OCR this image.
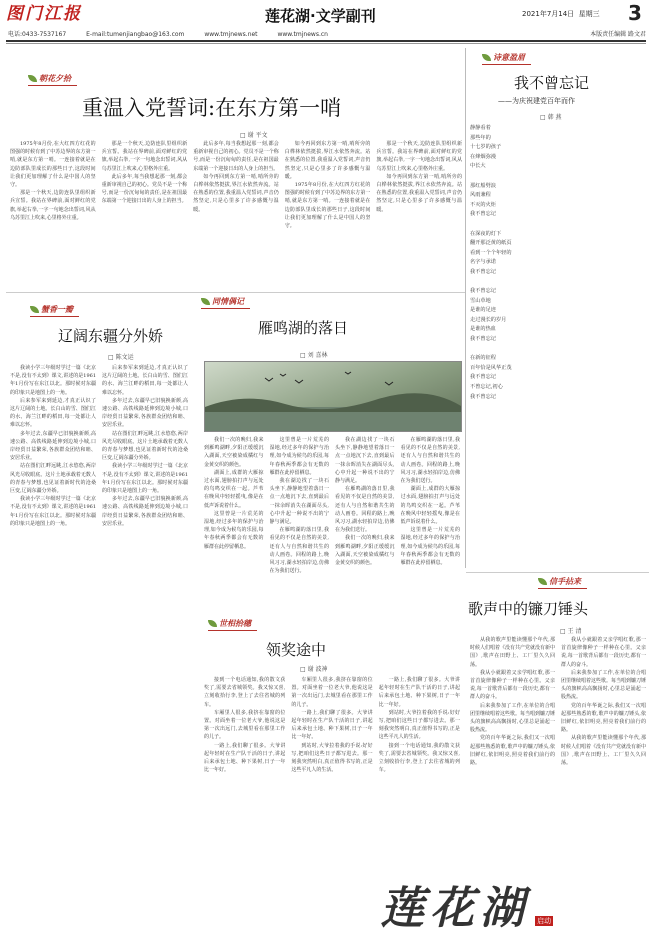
图门江报	莲花湖·文学副刊	2021年7月14日 星期三 3
电话:0433-7537167	E-mail:tumenjiangbao@163.com	www.tmjnews.net	www.tmjnews.cn	本版责任编辑 路文君
朝花夕拾
重温入党誓词:在东方第一哨
□ 谢 平文

1975年8月份,在大红四方红花的图强的时候有到了中苏边界的东方第一哨,就是东方第一哨。一连接着就是在边防部队里成长的那些日子,这段时间让我们更加理解了什么是中国人的坚守。

那是一个秋天,边防连队里组织新兵宣誓。我站在界碑前,面对鲜红的党旗,举起右拳,一字一句地念出誓词,风从乌苏里江上吹来,心里格外庄重。

那是一个秋天,边防连队里组织新兵宣誓。我站在界碑前,面对鲜红的党旗,举起右拳,一字一句地念出誓词,风从乌苏里江上吹来,心里格外庄重。

此后多年,每当我想起那一刻,都会重新审视自己的初心。党员不是一个称号,而是一份沉甸甸的责任,是在祖国最东端第一个迎接日出的人身上的担当。

此后多年,每当我想起那一刻,都会重新审视自己的初心。党员不是一个称号,而是一份沉甸甸的责任,是在祖国最东端第一个迎接日出的人身上的担当。

如今再回到东方第一哨,哨所旁的白桦林依然挺拔,界江水依然奔流。站在熟悉的位置,我重温入党誓词,声音仍然坚定,只是心里多了许多感慨与温暖。

如今再回到东方第一哨,哨所旁的白桦林依然挺拔,界江水依然奔流。站在熟悉的位置,我重温入党誓词,声音仍然坚定,只是心里多了许多感慨与温暖。

1975年8月份,在大红四方红花的图强的时候有到了中苏边界的东方第一哨,就是东方第一哨。一连接着就是在边防部队里成长的那些日子,这段时间让我们更加理解了什么是中国人的坚守。

那是一个秋天,边防连队里组织新兵宣誓。我站在界碑前,面对鲜红的党旗,举起右拳,一字一句地念出誓词,风从乌苏里江上吹来,心里格外庄重。

如今再回到东方第一哨,哨所旁的白桦林依然挺拔,界江水依然奔流。站在熟悉的位置,我重温入党誓词,声音仍然坚定,只是心里多了许多感慨与温暖。

蟹香一瓣
辽阔东疆分外娇
□ 陈文运

我读小学三年级时学过一篇《北京不是,没有不太到》课文,讲述的是1961年1月份写在东江以北。那时候对东疆的印象只是地图上的一角。

后来参军来到延边,才真正认识了这片辽阔的土地。长白山的雪、图们江的水、海兰江畔的稻田,每一处都让人难以忘怀。

多年过去,东疆早已旧貌换新颜,高速公路、高铁线路延伸到边境小城,口岸经贸日益繁荣,各族群众团结和睦、安居乐业。

站在图们江畔远眺,江水悠悠,两岸风光尽收眼底。这片土地承载着无数人的青春与梦想,也见证着新时代的沧桑巨变,辽阔东疆分外娇。

我读小学三年级时学过一篇《北京不是,没有不太到》课文,讲述的是1961年1月份写在东江以北。那时候对东疆的印象只是地图上的一角。

后来参军来到延边,才真正认识了这片辽阔的土地。长白山的雪、图们江的水、海兰江畔的稻田,每一处都让人难以忘怀。

多年过去,东疆早已旧貌换新颜,高速公路、高铁线路延伸到边境小城,口岸经贸日益繁荣,各族群众团结和睦、安居乐业。

站在图们江畔远眺,江水悠悠,两岸风光尽收眼底。这片土地承载着无数人的青春与梦想,也见证着新时代的沧桑巨变,辽阔东疆分外娇。

我读小学三年级时学过一篇《北京不是,没有不太到》课文,讲述的是1961年1月份写在东江以北。那时候对东疆的印象只是地图上的一角。

多年过去,东疆早已旧貌换新颜,高速公路、高铁线路延伸到边境小城,口岸经贸日益繁荣,各族群众团结和睦、安居乐业。

同情偶记
雁鸣湖的落日
□ 刘 喜林

我们一次的晚归,我来到雁鸣湖畔,夕阳正缓缓沉入湖面,天空被染成橘红与金黄交织的颜色。

湖面上,成群的大雁掠过水面,翅膀拍打声与远处的鸟鸣交织在一起。芦苇在晚风中轻轻摇曳,像是在低声诉说着什么。

这里曾是一片荒芜的湿地,经过多年的保护与治理,如今成为候鸟的乐园,每年春秋两季都会有无数的雁群在此停留栖息。

这里曾是一片荒芜的湿地,经过多年的保护与治理,如今成为候鸟的乐园,每年春秋两季都会有无数的雁群在此停留栖息。

我在湖边找了一块石头坐下,静静地望着落日一点一点地沉下去,直到最后一抹余晖消失在湖面尽头,心中升起一种说不出的宁静与满足。

在雁鸣湖的落日里,我看见的不仅是自然的美景,还有人与自然和谐共生的动人画卷。回程的路上,晚风习习,湖水轻拍岸边,仿佛在为我们送行。

我在湖边找了一块石头坐下,静静地望着落日一点一点地沉下去,直到最后一抹余晖消失在湖面尽头,心中升起一种说不出的宁静与满足。

在雁鸣湖的落日里,我看见的不仅是自然的美景,还有人与自然和谐共生的动人画卷。回程的路上,晚风习习,湖水轻拍岸边,仿佛在为我们送行。

我们一次的晚归,我来到雁鸣湖畔,夕阳正缓缓沉入湖面,天空被染成橘红与金黄交织的颜色。

在雁鸣湖的落日里,我看见的不仅是自然的美景,还有人与自然和谐共生的动人画卷。回程的路上,晚风习习,湖水轻拍岸边,仿佛在为我们送行。

湖面上,成群的大雁掠过水面,翅膀拍打声与远处的鸟鸣交织在一起。芦苇在晚风中轻轻摇曳,像是在低声诉说着什么。

这里曾是一片荒芜的湿地,经过多年的保护与治理,如今成为候鸟的乐园,每年春秋两季都会有无数的雁群在此停留栖息。

世相拾穗
领奖途中
□ 谢 波神

接到一个电话通知,我的散文获奖了,需要去省城领奖。我又惊又喜,立刻收拾行李,登上了去往省城的列车。

车厢里人很多,我挤在靠窗的位置。对面坐着一位老大爷,他说这是第一次出远门,去城里看在那里工作的儿子。

一路上,我们聊了很多。大爷讲起年轻时在生产队干活的日子,讲起后来承包土地、种下果树,日子一年比一年好。

车厢里人很多,我挤在靠窗的位置。对面坐着一位老大爷,他说这是第一次出远门,去城里看在那里工作的儿子。

一路上,我们聊了很多。大爷讲起年轻时在生产队干活的日子,讲起后来承包土地、种下果树,日子一年比一年好。

到站时,大爷拉着我的手说:好好写,把咱们这些日子都写进去。那一刻我突然明白,真正值得书写的,正是这些平凡人的生活。

一路上,我们聊了很多。大爷讲起年轻时在生产队干活的日子,讲起后来承包土地、种下果树,日子一年比一年好。

到站时,大爷拉着我的手说:好好写,把咱们这些日子都写进去。那一刻我突然明白,真正值得书写的,正是这些平凡人的生活。

接到一个电话通知,我的散文获奖了,需要去省城领奖。我又惊又喜,立刻收拾行李,登上了去往省城的列车。

诗意盈眉
我不曾忘记
——为庆祝建党百年而作
□ 韩 燕
静静看着
那些年的
十七岁的孩子
在烽烟弥漫
中长大

那红船劈浪
风雨兼程
不灭的火炬
我不曾忘记

在深夜的灯下
翻开那泛黄的纸页
看到一个个年轻的
名字与承诺
我不曾忘记

我不曾忘记
雪山草地
是谁的足迹
走过漫长的岁月
是谁的热血
我不曾忘记

在新的征程
百年恰是风华正茂
我不曾忘记
不曾忘记,初心
我不曾忘记
信手拈来
歌声中的镰刀锤头
□ 王 清

从我的歌声里能读懂那个年代,那时候人们唱着《没有共产党就没有新中国》,歌声在田野上、工厂里久久回荡。

我从小就跟着父亲学唱红歌,那一首首旋律像种子一样种在心里。父亲说,每一首歌背后都有一段历史,都有一群人的奋斗。

后来我参加了工作,在单位的合唱团里继续唱着这些歌。每当唱到镰刀锤头的旗帜高高飘扬时,心里总是涌起一股热流。

党的百年华诞之际,我们又一次唱起那些熟悉的歌,歌声中的镰刀锤头,依旧鲜红,依旧明亮,照亮着我们前行的路。

我从小就跟着父亲学唱红歌,那一首首旋律像种子一样种在心里。父亲说,每一首歌背后都有一段历史,都有一群人的奋斗。

后来我参加了工作,在单位的合唱团里继续唱着这些歌。每当唱到镰刀锤头的旗帜高高飘扬时,心里总是涌起一股热流。

党的百年华诞之际,我们又一次唱起那些熟悉的歌,歌声中的镰刀锤头,依旧鲜红,依旧明亮,照亮着我们前行的路。

从我的歌声里能读懂那个年代,那时候人们唱着《没有共产党就没有新中国》,歌声在田野上、工厂里久久回荡。

莲花湖 启动
